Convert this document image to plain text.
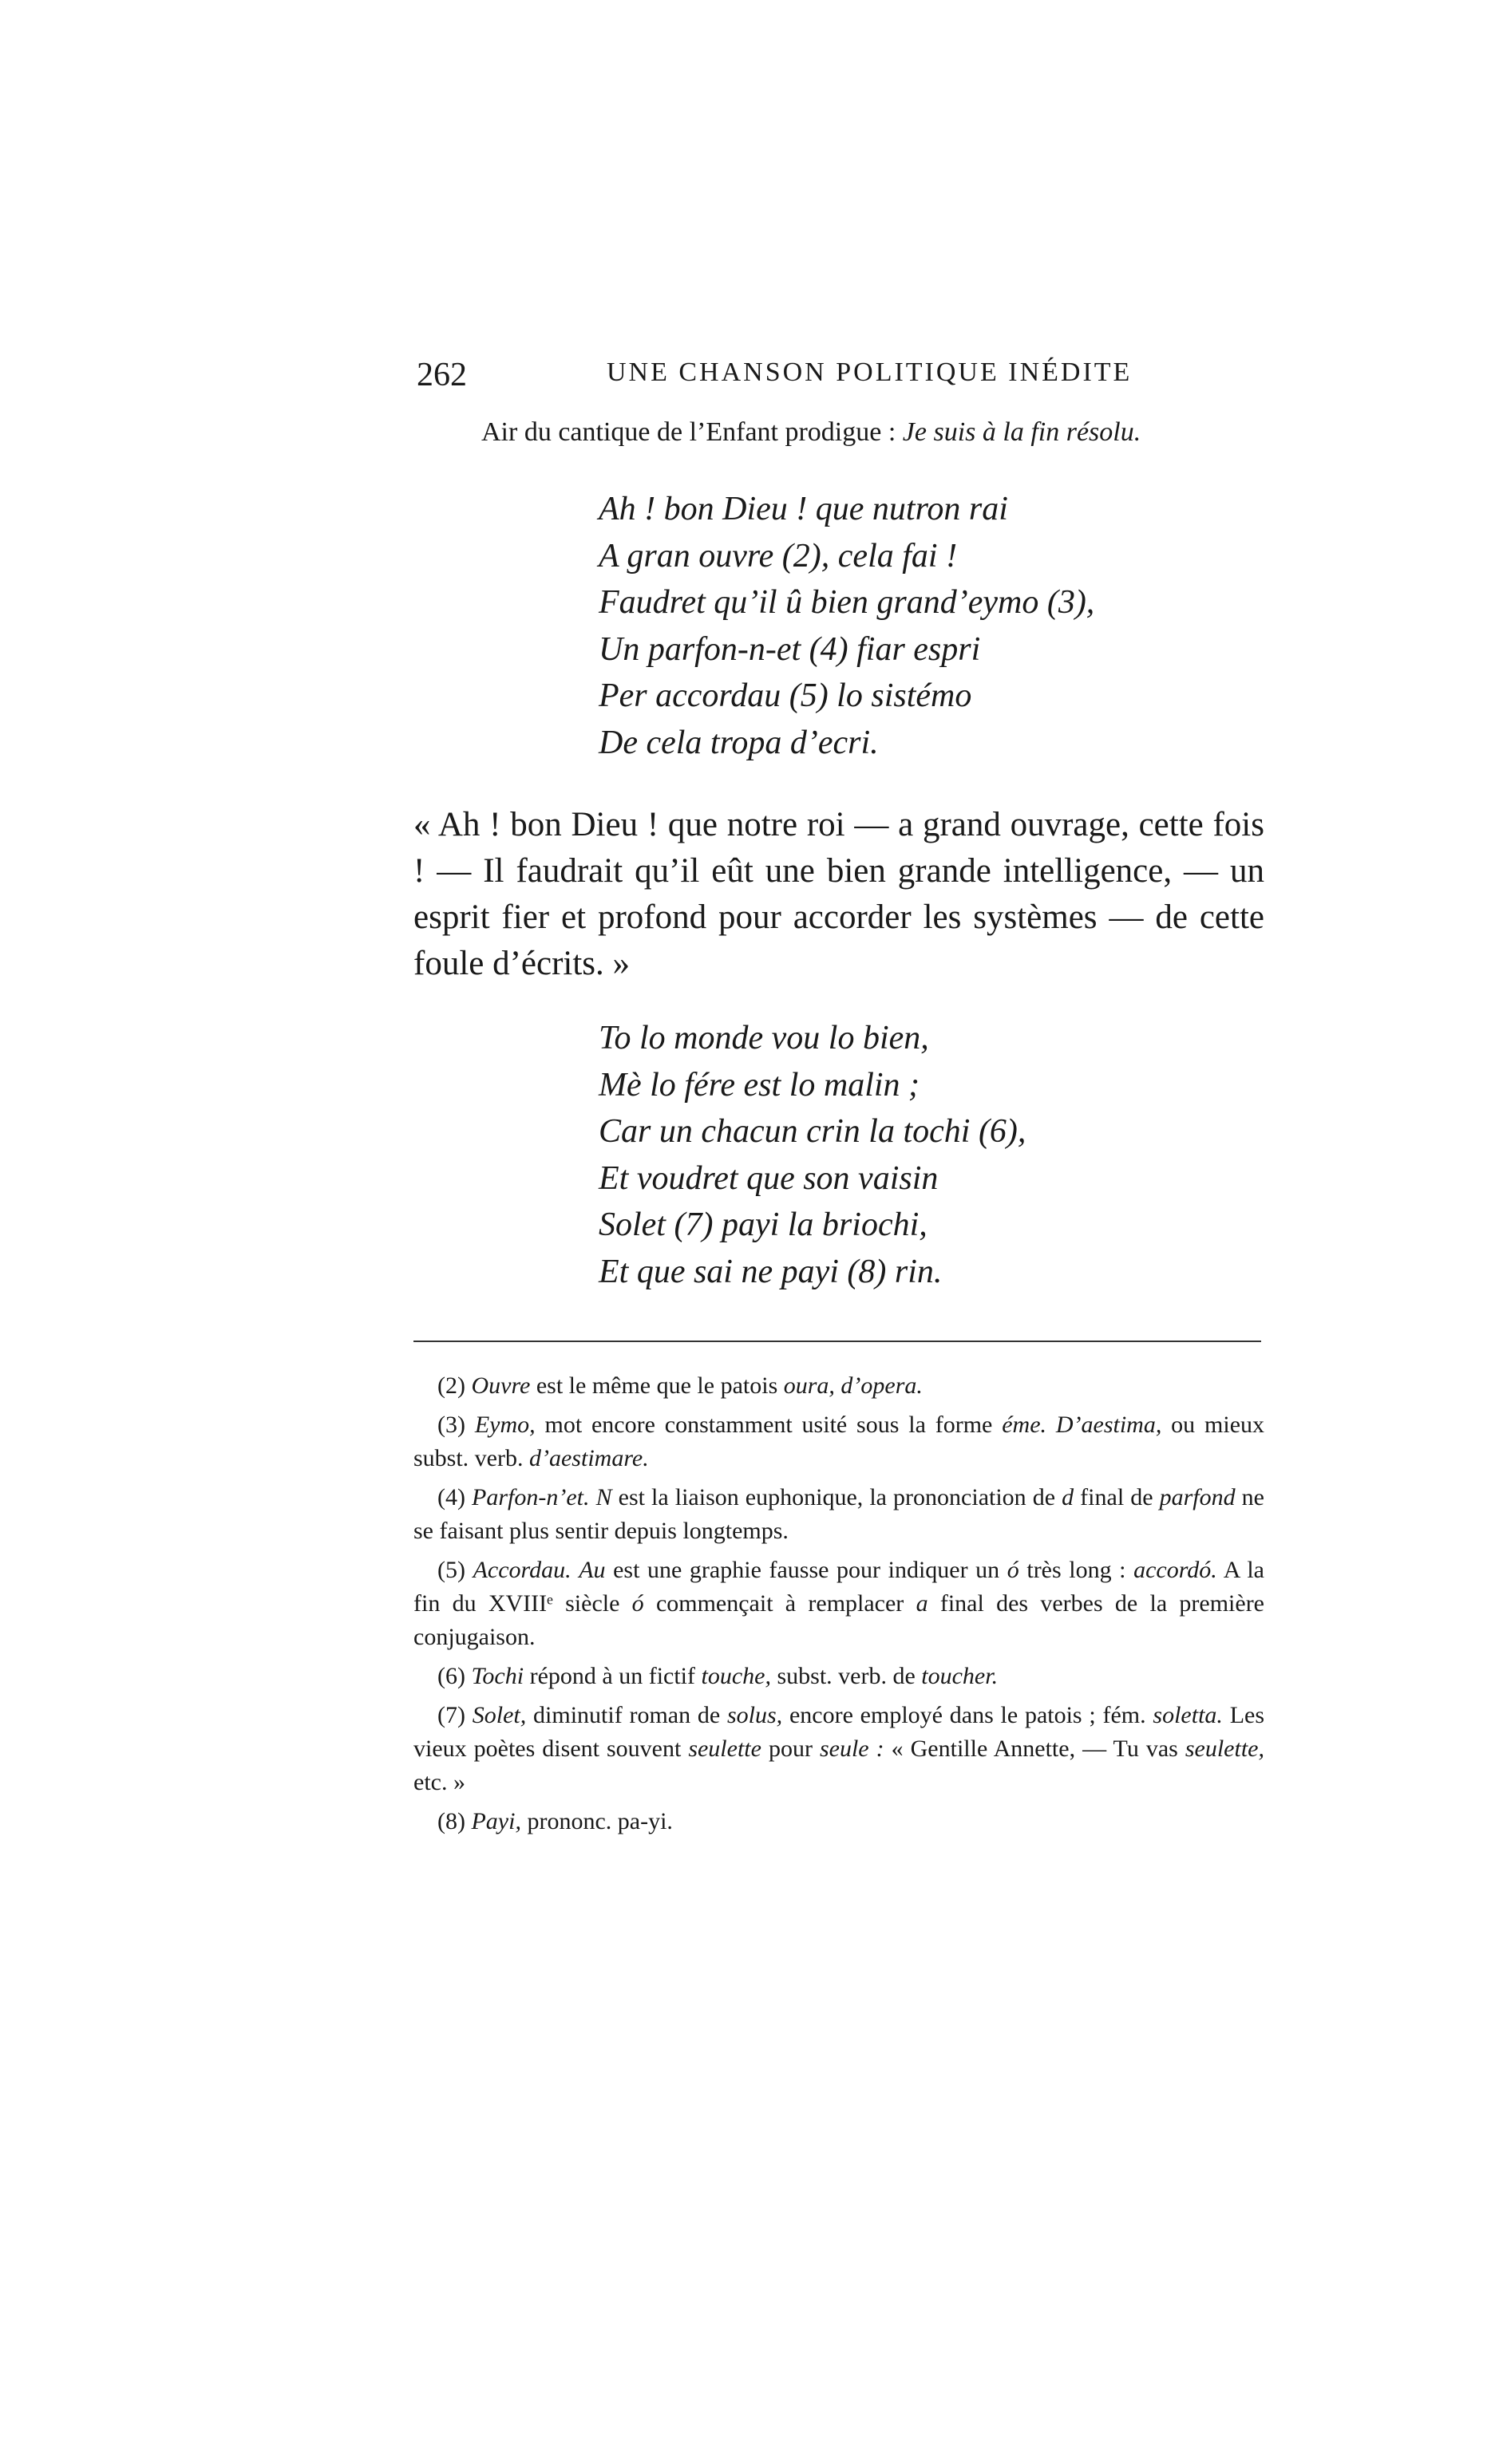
262	UNE CHANSON POLITIQUE INÉDITE
Air du cantique de l’Enfant prodigue : Je suis à la fin résolu.
Ah ! bon Dieu ! que nutron rai
A gran ouvre (2), cela fai !
Faudret qu’il û bien grand’eymo (3),
Un parfon-n-et (4) fiar espri
Per accordau (5) lo sistémo
De cela tropa d’ecri.

« Ah ! bon Dieu ! que notre roi — a grand ouvrage, cette fois ! — Il faudrait qu’il eût une bien grande intelligence, — un esprit fier et profond pour accorder les systèmes — de cette foule d’écrits. »

To lo monde vou lo bien,
Mè lo fére est lo malin ;
Car un chacun crin la tochi (6),
Et voudret que son vaisin
Solet (7) payi la briochi,
Et que sai ne payi (8) rin.
(2) Ouvre est le même que le patois oura, d’opera.
(3) Eymo, mot encore constamment usité sous la forme éme. D’aestima, ou mieux subst. verb. d’aestimare.
(4) Parfon-n’et. N est la liaison euphonique, la prononciation de d final de parfond ne se faisant plus sentir depuis longtemps.
(5) Accordau. Au est une graphie fausse pour indiquer un ó très long : accordó. A la fin du XVIIIᵉ siècle ó commençait à remplacer a final des verbes de la première conjugaison.
(6) Tochi répond à un fictif touche, subst. verb. de toucher.
(7) Solet, diminutif roman de solus, encore employé dans le patois ; fém. soletta. Les vieux poètes disent souvent seulette pour seule : « Gentille Annette, — Tu vas seulette, etc. »
(8) Payi, prononc. pa-yi.
